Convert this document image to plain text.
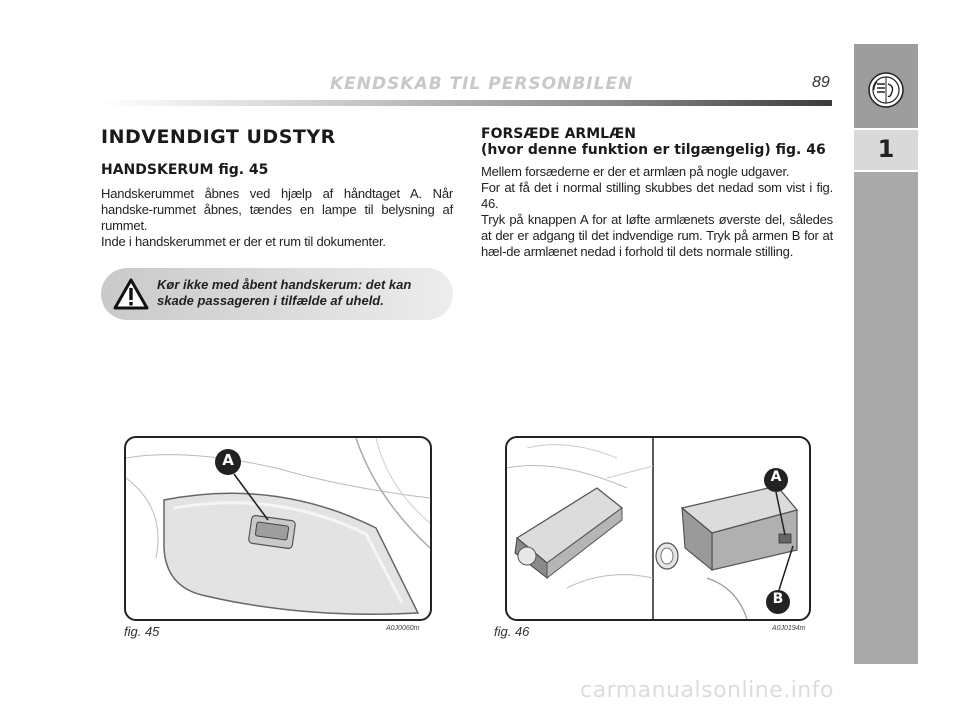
KENDSKAB TIL PERSONBILEN	89
1
INDVENDIGT UDSTYR
HANDSKERUM fig. 45

Handskerummet åbnes ved hjælp af håndtaget A. Når handske-rummet åbnes, tændes en lampe til belysning af rummet.

Inde i handskerummet er der et rum til dokumenter.

Kør ikke med åbent handskerum: det kan skade passageren i tilfælde af uheld.
FORSÆDE ARMLÆN
(hvor denne funktion er tilgængelig) fig. 46

Mellem forsæderne er der et armlæn på nogle udgaver.

For at få det i normal stilling skubbes det nedad som vist i fig. 46.

Tryk på knappen A for at løfte armlænets øverste del, således at der er adgang til det indvendige rum. Tryk på armen B for at hæl-de armlænet nedad i forhold til dets normale stilling.

A
fig. 45	A0J0060m
A
B
fig. 46	A0J0194m
carmanualsonline.info
